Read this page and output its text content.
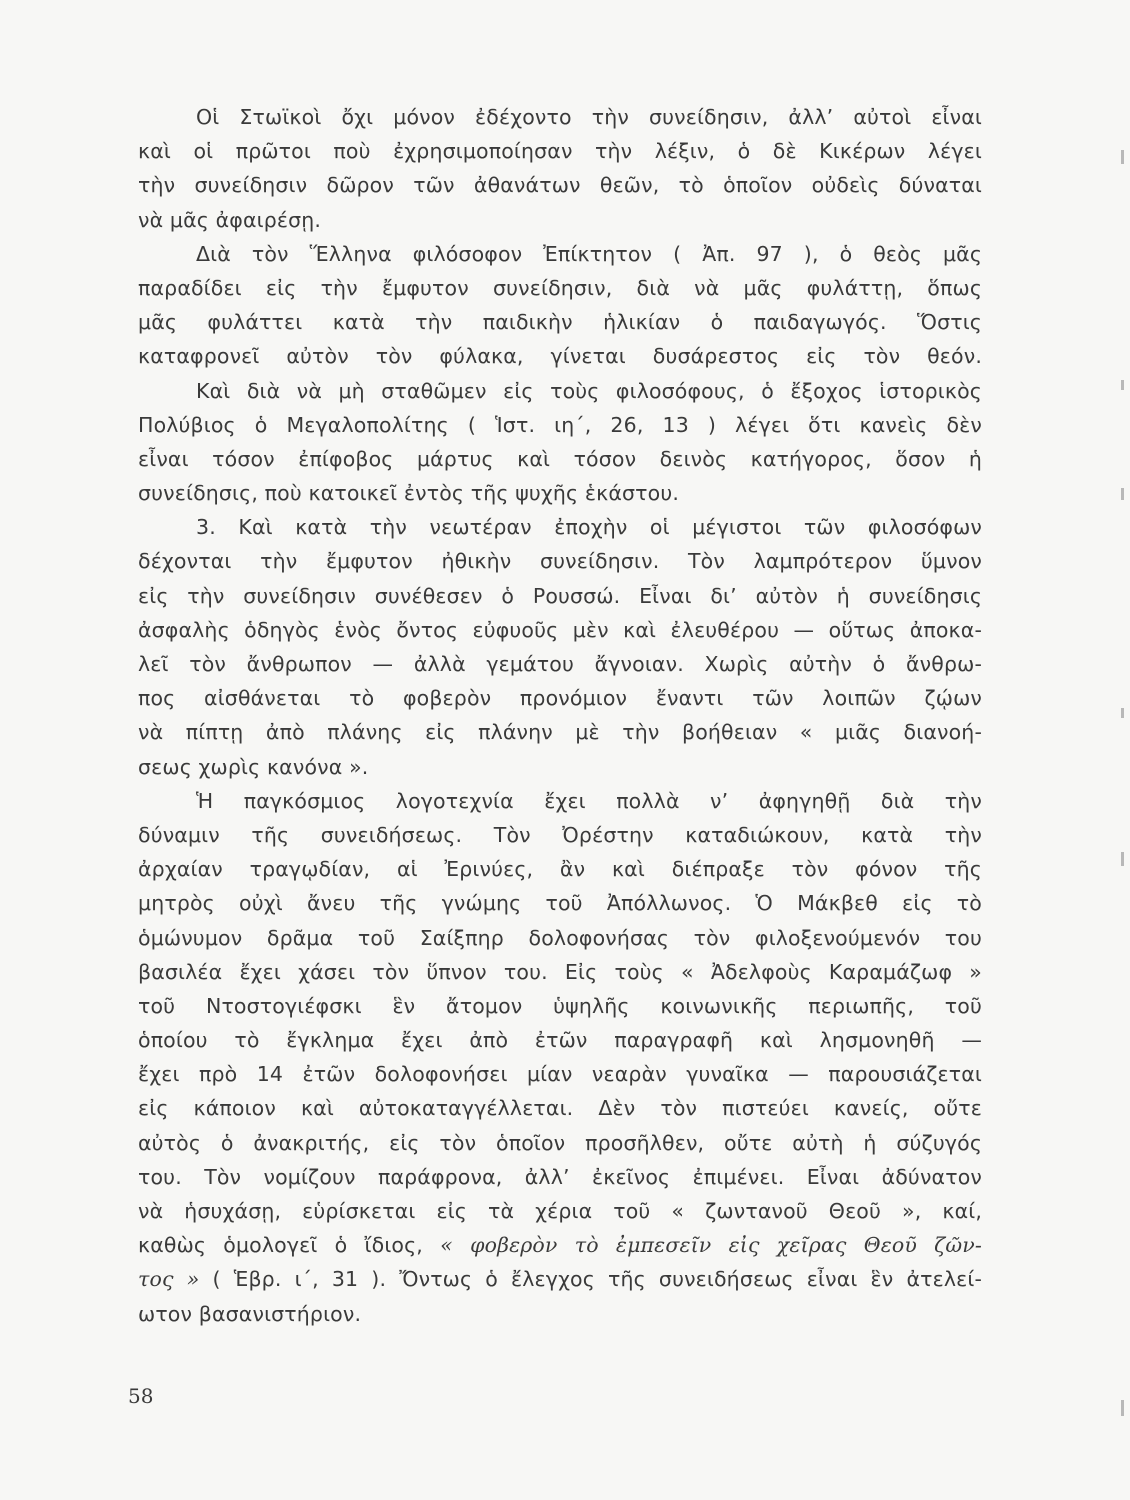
Οἱ Στωϊκοὶ ὄχι μόνον ἐδέχοντο τὴν συνείδησιν, ἀλλ’ αὐτοὶ εἶναι
καὶ οἱ πρῶτοι ποὺ ἐχρησιμοποίησαν τὴν λέξιν, ὁ δὲ Κικέρων λέγει
τὴν συνείδησιν δῶρον τῶν ἀθανάτων θεῶν, τὸ ὁποῖον οὐδεὶς δύναται
νὰ μᾶς ἀφαιρέσῃ.
Διὰ τὸν Ἕλληνα φιλόσοφον Ἐπίκτητον ( Ἀπ. 97 ), ὁ θεὸς μᾶς
παραδίδει εἰς τὴν ἔμφυτον συνείδησιν, διὰ νὰ μᾶς φυλάττῃ, ὅπως
μᾶς φυλάττει κατὰ τὴν παιδικὴν ἡλικίαν ὁ παιδαγωγός. Ὅστις
καταφρονεῖ αὐτὸν τὸν φύλακα, γίνεται δυσάρεστος εἰς τὸν θεόν.
Καὶ διὰ νὰ μὴ σταθῶμεν εἰς τοὺς φιλοσόφους, ὁ ἔξοχος ἱστορικὸς
Πολύβιος ὁ Μεγαλοπολίτης ( Ἱστ. ιη΄, 26, 13 ) λέγει ὅτι κανεὶς δὲν
εἶναι τόσον ἐπίφοβος μάρτυς καὶ τόσον δεινὸς κατήγορος, ὅσον ἡ
συνείδησις, ποὺ κατοικεῖ ἐντὸς τῆς ψυχῆς ἑκάστου.
3. Καὶ κατὰ τὴν νεωτέραν ἐποχὴν οἱ μέγιστοι τῶν φιλοσόφων
δέχονται τὴν ἔμφυτον ἠθικὴν συνείδησιν. Τὸν λαμπρότερον ὕμνον
εἰς τὴν συνείδησιν συνέθεσεν ὁ Ρουσσώ. Εἶναι δι’ αὐτὸν ἡ συνείδησις
ἀσφαλὴς ὁδηγὸς ἑνὸς ὄντος εὐφυοῦς μὲν καὶ ἐλευθέρου — οὕτως ἀποκα-
λεῖ τὸν ἄνθρωπον — ἀλλὰ γεμάτου ἄγνοιαν. Χωρὶς αὐτὴν ὁ ἄνθρω-
πος αἰσθάνεται τὸ φοβερὸν προνόμιον ἔναντι τῶν λοιπῶν ζῴων
νὰ πίπτῃ ἀπὸ πλάνης εἰς πλάνην μὲ τὴν βοήθειαν « μιᾶς διανοή-
σεως χωρὶς κανόνα ».
Ἡ παγκόσμιος λογοτεχνία ἔχει πολλὰ ν’ ἀφηγηθῇ διὰ τὴν
δύναμιν τῆς συνειδήσεως. Τὸν Ὀρέστην καταδιώκουν, κατὰ τὴν
ἀρχαίαν τραγῳδίαν, αἱ Ἐρινύες, ἂν καὶ διέπραξε τὸν φόνον τῆς
μητρὸς οὐχὶ ἄνευ τῆς γνώμης τοῦ Ἀπόλλωνος. Ὁ Μάκβεθ εἰς τὸ
ὁμώνυμον δρᾶμα τοῦ Σαίξπηρ δολοφονήσας τὸν φιλοξενούμενόν του
βασιλέα ἔχει χάσει τὸν ὕπνον του. Εἰς τοὺς « Ἀδελφοὺς Καραμάζωφ »
τοῦ Ντοστογιέφσκι ἓν ἄτομον ὑψηλῆς κοινωνικῆς περιωπῆς, τοῦ
ὁποίου τὸ ἔγκλημα ἔχει ἀπὸ ἐτῶν παραγραφῆ καὶ λησμονηθῆ —
ἔχει πρὸ 14 ἐτῶν δολοφονήσει μίαν νεαρὰν γυναῖκα — παρουσιάζεται
εἰς κάποιον καὶ αὐτοκαταγγέλλεται. Δὲν τὸν πιστεύει κανείς, οὔτε
αὐτὸς ὁ ἀνακριτής, εἰς τὸν ὁποῖον προσῆλθεν, οὔτε αὐτὴ ἡ σύζυγός
του. Τὸν νομίζουν παράφρονα, ἀλλ’ ἐκεῖνος ἐπιμένει. Εἶναι ἀδύνατον
νὰ ἡσυχάσῃ, εὑρίσκεται εἰς τὰ χέρια τοῦ « ζωντανοῦ Θεοῦ », καί,
καθὼς ὁμολογεῖ ὁ ἴδιος, « φοβερὸν τὸ ἐμπεσεῖν εἰς χεῖρας Θεοῦ ζῶν-
τος » ( Ἑβρ. ι΄, 31 ). Ὄντως ὁ ἔλεγχος τῆς συνειδήσεως εἶναι ἓν ἀτελεί-
ωτον βασανιστήριον.
58
